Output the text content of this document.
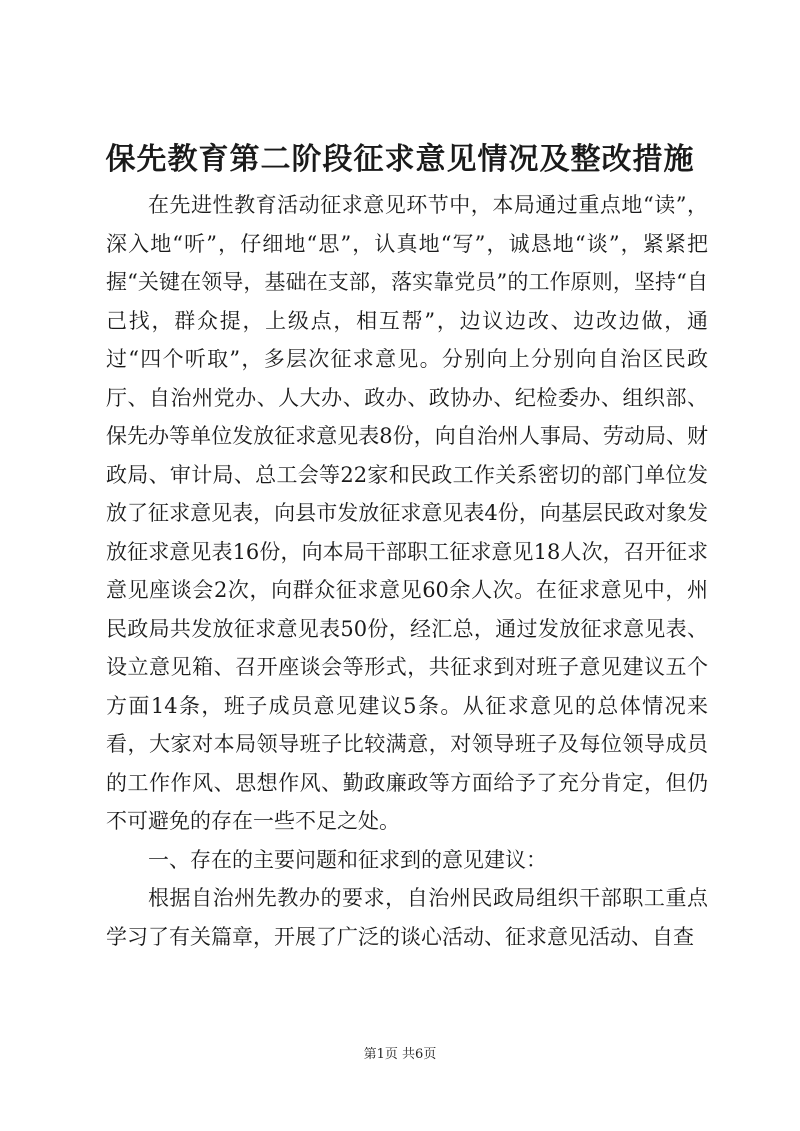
保先教育第二阶段征求意见情况及整改措施

在先进性教育活动征求意见环节中，本局通过重点地“读”，深入地“听”，仔细地“思”，认真地“写”，诚恳地“谈”，紧紧把握“关键在领导，基础在支部，落实靠党员”的工作原则，坚持“自己找，群众提，上级点，相互帮”，边议边改、边改边做，通过“四个听取”，多层次征求意见。分别向上分别向自治区民政厅、自治州党办、人大办、政办、政协办、纪检委办、组织部、保先办等单位发放征求意见表8份，向自治州人事局、劳动局、财政局、审计局、总工会等22家和民政工作关系密切的部门单位发放了征求意见表，向县市发放征求意见表4份，向基层民政对象发放征求意见表16份，向本局干部职工征求意见18人次，召开征求意见座谈会2次，向群众征求意见60余人次。在征求意见中，州民政局共发放征求意见表50份，经汇总，通过发放征求意见表、设立意见箱、召开座谈会等形式，共征求到对班子意见建议五个方面14条，班子成员意见建议5条。从征求意见的总体情况来看，大家对本局领导班子比较满意，对领导班子及每位领导成员的工作作风、思想作风、勤政廉政等方面给予了充分肯定，但仍不可避免的存在一些不足之处。

一、存在的主要问题和征求到的意见建议：

根据自治州先教办的要求，自治州民政局组织干部职工重点学习了有关篇章，开展了广泛的谈心活动、征求意见活动、自查

第1页 共6页
